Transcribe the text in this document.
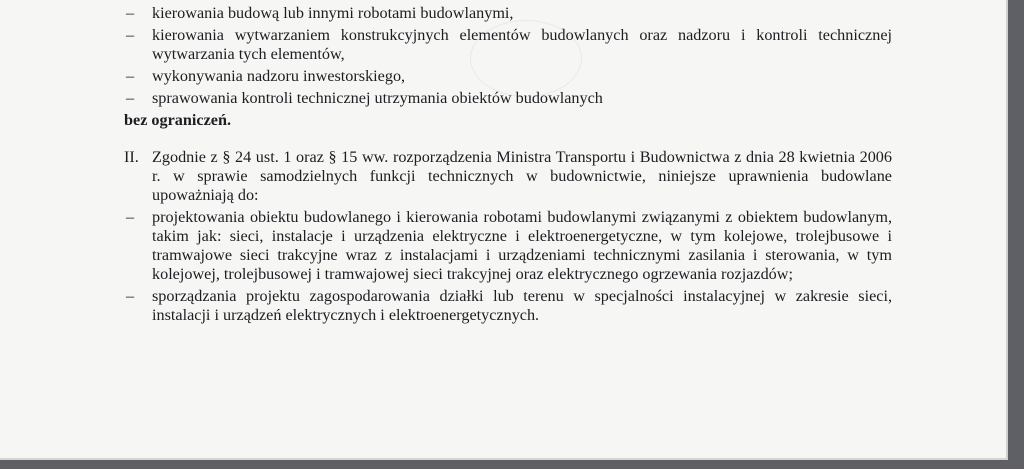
– kierowania budową lub innymi robotami budowlanymi,
– kierowania wytwarzaniem konstrukcyjnych elementów budowlanych oraz nadzoru i kontroli technicznej wytwarzania tych elementów,
– wykonywania nadzoru inwestorskiego,
– sprawowania kontroli technicznej utrzymania obiektów budowlanych

bez ograniczeń.

II. Zgodnie z § 24 ust. 1 oraz § 15 ww. rozporządzenia Ministra Transportu i Budownictwa z dnia 28 kwietnia 2006 r. w sprawie samodzielnych funkcji technicznych w budownictwie, niniejsze uprawnienia budowlane upoważniają do:
– projektowania obiektu budowlanego i kierowania robotami budowlanymi związanymi z obiektem budowlanym, takim jak: sieci, instalacje i urządzenia elektryczne i elektroenergetyczne, w tym kolejowe, trolejbusowe i tramwajowe sieci trakcyjne wraz z instalacjami i urządzeniami technicznymi zasilania i sterowania, w tym kolejowej, trolejbusowej i tramwajowej sieci trakcyjnej oraz elektrycznego ogrzewania rozjazdów;
– sporządzania projektu zagospodarowania działki lub terenu w specjalności instalacyjnej w zakresie sieci, instalacji i urządzeń elektrycznych i elektroenergetycznych.
